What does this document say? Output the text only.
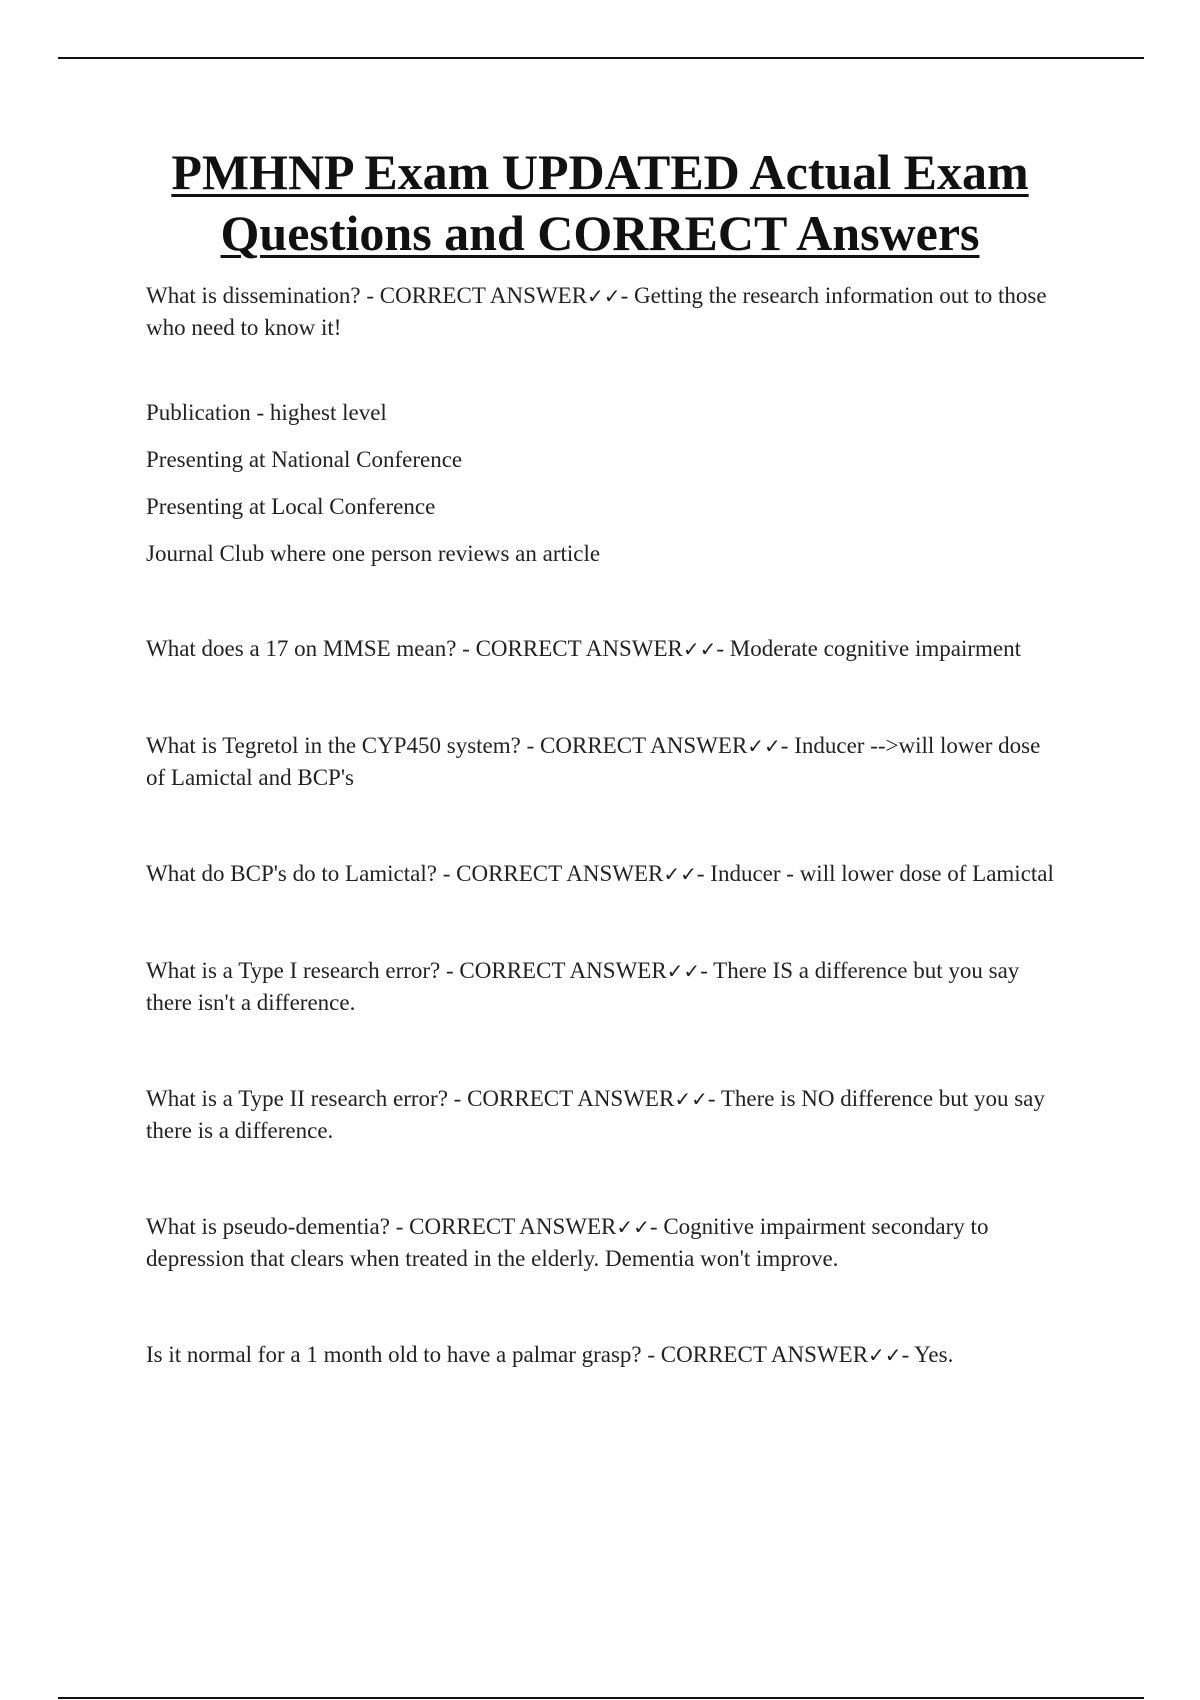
PMHNP Exam UPDATED Actual Exam
Questions and CORRECT Answers

What is dissemination? - CORRECT ANSWER✓✓- Getting the research information out to those who need to know it!

Publication - highest level

Presenting at National Conference

Presenting at Local Conference

Journal Club where one person reviews an article

What does a 17 on MMSE mean? - CORRECT ANSWER✓✓- Moderate cognitive impairment

What is Tegretol in the CYP450 system? - CORRECT ANSWER✓✓- Inducer -->will lower dose of Lamictal and BCP's

What do BCP's do to Lamictal? - CORRECT ANSWER✓✓- Inducer - will lower dose of Lamictal

What is a Type I research error? - CORRECT ANSWER✓✓- There IS a difference but you say there isn't a difference.

What is a Type II research error? - CORRECT ANSWER✓✓- There is NO difference but you say there is a difference.

What is pseudo-dementia? - CORRECT ANSWER✓✓- Cognitive impairment secondary to depression that clears when treated in the elderly. Dementia won't improve.

Is it normal for a 1 month old to have a palmar grasp? - CORRECT ANSWER✓✓- Yes.
